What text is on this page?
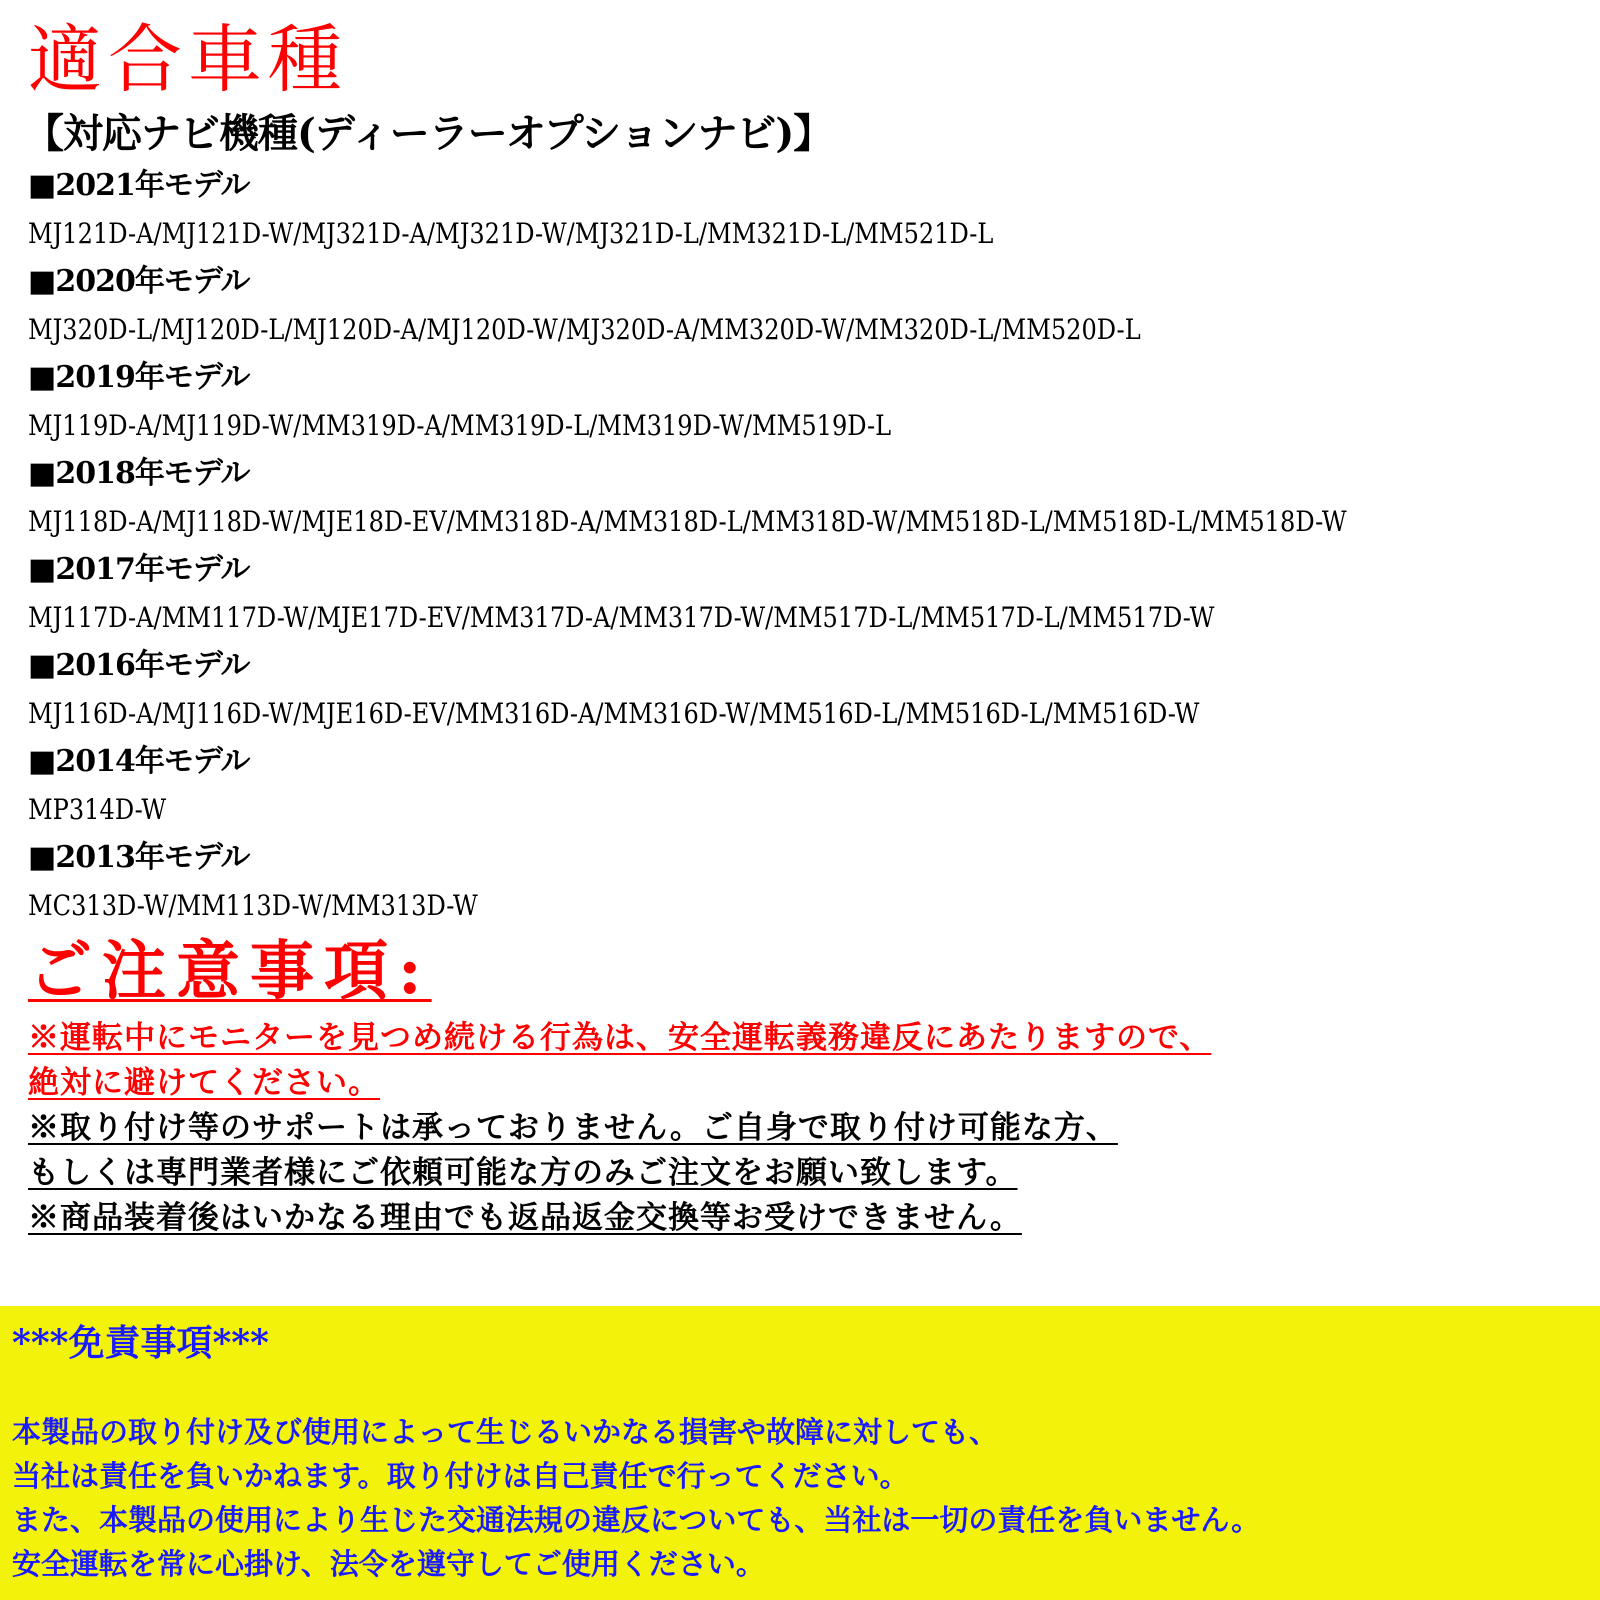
適合車種
【対応ナビ機種(ディーラーオプションナビ)】
■2021年モデル
MJ121D-A/MJ121D-W/MJ321D-A/MJ321D-W/MJ321D-L/MM321D-L/MM521D-L
■2020年モデル
MJ320D-L/MJ120D-L/MJ120D-A/MJ120D-W/MJ320D-A/MM320D-W/MM320D-L/MM520D-L
■2019年モデル
MJ119D-A/MJ119D-W/MM319D-A/MM319D-L/MM319D-W/MM519D-L
■2018年モデル
MJ118D-A/MJ118D-W/MJE18D-EV/MM318D-A/MM318D-L/MM318D-W/MM518D-L/MM518D-L/MM518D-W
■2017年モデル
MJ117D-A/MM117D-W/MJE17D-EV/MM317D-A/MM317D-W/MM517D-L/MM517D-L/MM517D-W
■2016年モデル
MJ116D-A/MJ116D-W/MJE16D-EV/MM316D-A/MM316D-W/MM516D-L/MM516D-L/MM516D-W
■2014年モデル
MP314D-W
■2013年モデル
MC313D-W/MM113D-W/MM313D-W
ご注意事項:
※運転中にモニターを見つめ続ける行為は、安全運転義務違反にあたりますので、
絶対に避けてください。
※取り付け等のサポートは承っておりません。ご自身で取り付け可能な方、
もしくは専門業者様にご依頼可能な方のみご注文をお願い致します。
※商品装着後はいかなる理由でも返品返金交換等お受けできません。
***免責事項***
本製品の取り付け及び使用によって生じるいかなる損害や故障に対しても、
当社は責任を負いかねます。取り付けは自己責任で行ってください。
また、本製品の使用により生じた交通法規の違反についても、当社は一切の責任を負いません。
安全運転を常に心掛け、法令を遵守してご使用ください。
